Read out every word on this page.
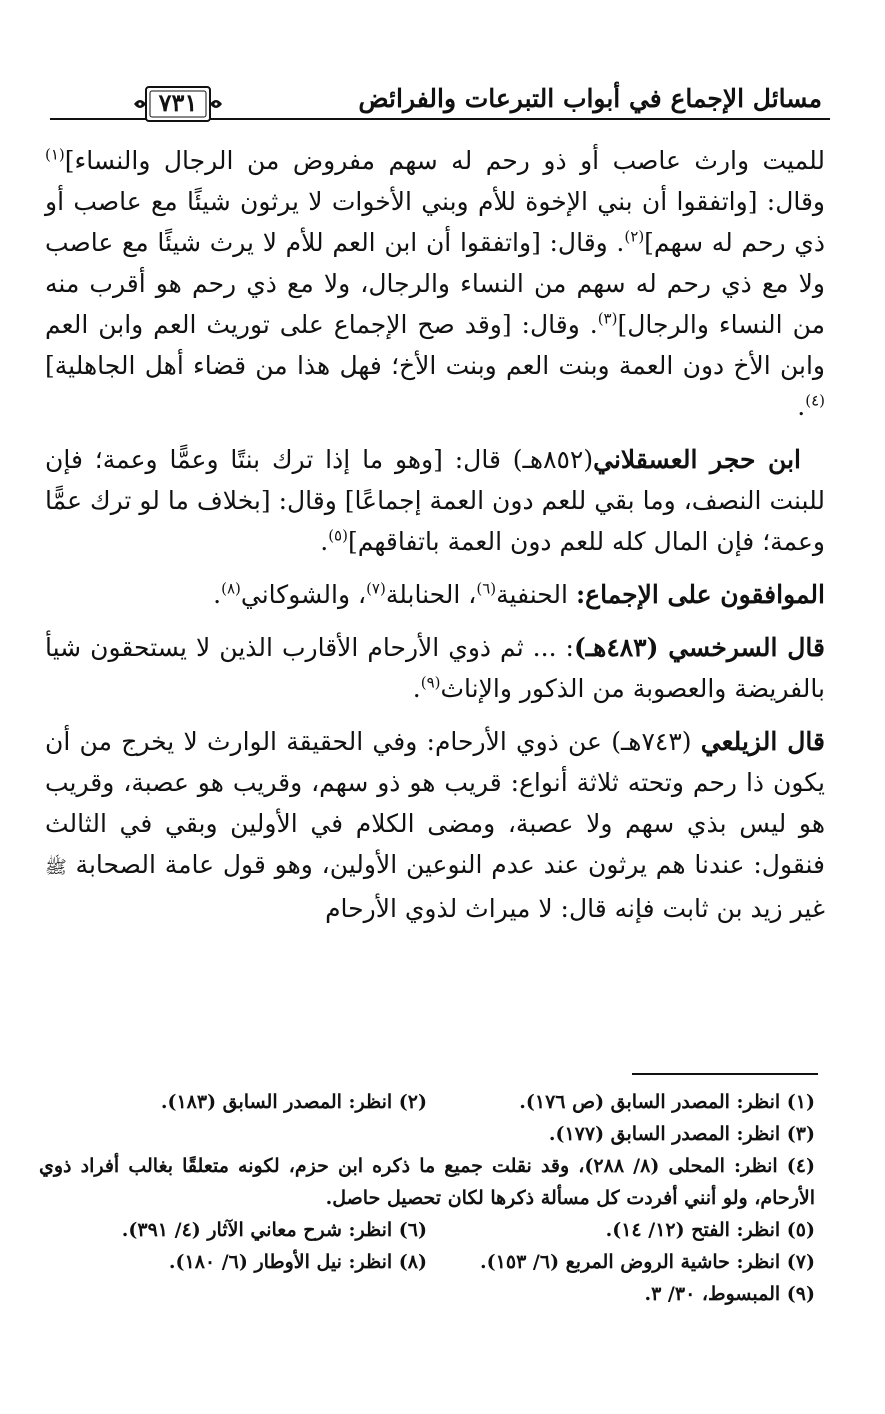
مسائل الإجماع في أبواب التبرعات والفرائض
٧٣١

للميت وارث عاصب أو ذو رحم له سهم مفروض من الرجال والنساء]$^{(١)}$ وقال: [واتفقوا أن بني الإخوة للأم وبني الأخوات لا يرثون شيئًا مع عاصب أو ذي رحم له سهم]$^{(٢)}$. وقال: [واتفقوا أن ابن العم للأم لا يرث شيئًا مع عاصب ولا مع ذي رحم له سهم من النساء والرجال، ولا مع ذي رحم هو أقرب منه من النساء والرجال]$^{(٣)}$. وقال: [وقد صح الإجماع على توريث العم وابن العم وابن الأخ دون العمة وبنت العم وبنت الأخ؛ فهل هذا من قضاء أهل الجاهلية]$^{(٤)}$.

ابن حجر العسقلاني(٨٥٢هـ) قال: [وهو ما إذا ترك بنتًا وعمًّا وعمة؛ فإن للبنت النصف، وما بقي للعم دون العمة إجماعًا] وقال: [بخلاف ما لو ترك عمًّا وعمة؛ فإن المال كله للعم دون العمة باتفاقهم]$^{(٥)}$.

الموافقون على الإجماع: الحنفية$^{(٦)}$، الحنابلة$^{(٧)}$، والشوكاني$^{(٨)}$.

قال السرخسي (٤٨٣هـ): ... ثم ذوي الأرحام الأقارب الذين لا يستحقون شيأ بالفريضة والعصوبة من الذكور والإناث$^{(٩)}$.

قال الزيلعي (٧٤٣هـ) عن ذوي الأرحام: وفي الحقيقة الوارث لا يخرج من أن يكون ذا رحم وتحته ثلاثة أنواع: قريب هو ذو سهم، وقريب هو عصبة، وقريب هو ليس بذي سهم ولا عصبة، ومضى الكلام في الأولين وبقي في الثالث فنقول: عندنا هم يرثون عند عدم النوعين الأولين، وهو قول عامة الصحابة ﷺ غير زيد بن ثابت فإنه قال: لا ميراث لذوي الأرحام

(١) انظر: المصدر السابق (ص ١٧٦).
(٢) انظر: المصدر السابق (١٨٣).
(٣) انظر: المصدر السابق (١٧٧).
(٤) انظر: المحلى (٨/ ٢٨٨)، وقد نقلت جميع ما ذكره ابن حزم، لكونه متعلقًا بغالب أفراد ذوي الأرحام، ولو أنني أفردت كل مسألة ذكرها لكان تحصيل حاصل.
(٥) انظر: الفتح (١٢/ ١٤).
(٦) انظر: شرح معاني الآثار (٤/ ٣٩١).
(٧) انظر: حاشية الروض المربع (٦/ ١٥٣).
(٨) انظر: نيل الأوطار (٦/ ١٨٠).
(٩) المبسوط، ٣٠/ ٣.
